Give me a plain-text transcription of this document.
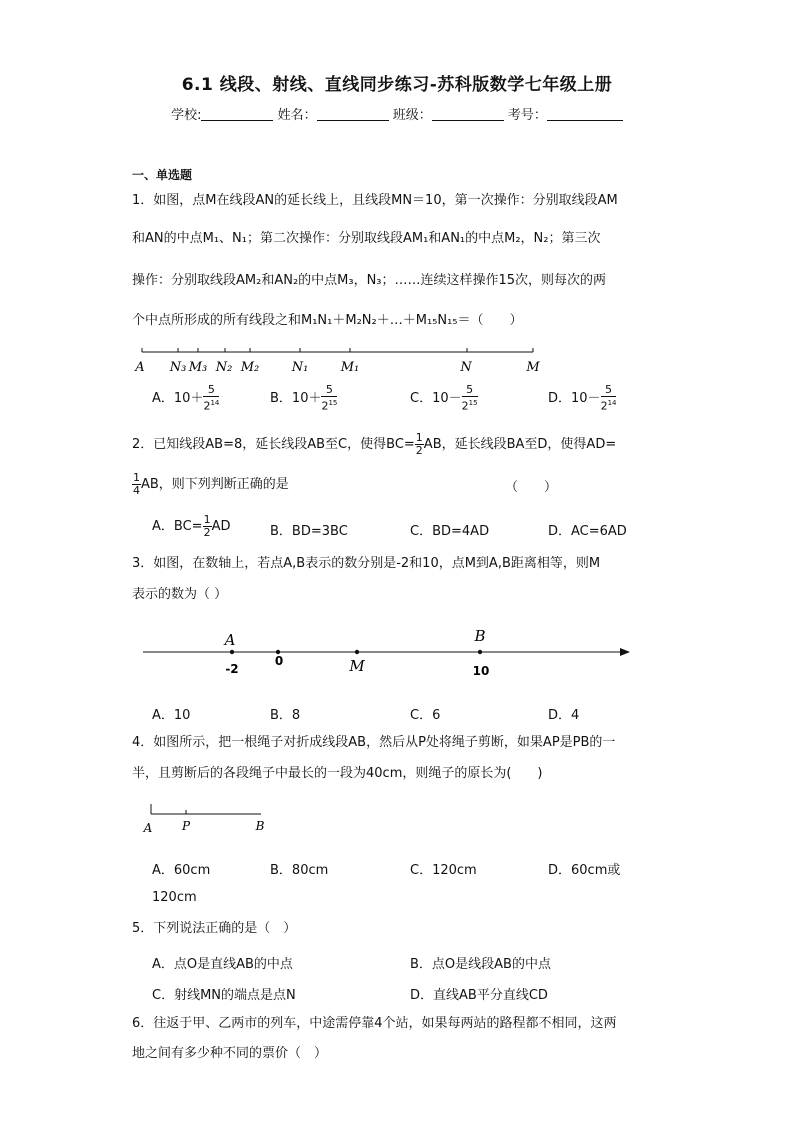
6.1 线段、射线、直线同步练习-苏科版数学七年级上册
学校:	姓名：	班级：	考号：
一、单选题
1．如图，点M在线段AN的延长线上，且线段MN＝10，第一次操作：分别取线段AM
和AN的中点M₁、N₁；第二次操作：分别取线段AM₁和AN₁的中点M₂，N₂；第三次
操作：分别取线段AM₂和AN₂的中点M₃，N₃；……连续这样操作15次，则每次的两
个中点所形成的所有线段之和M₁N₁＋M₂N₂＋…＋M₁₅N₁₅＝（　　）
A N₃ M₃ N₂ M₂ N₁ M₁	N	M
A．$10+ \frac{5}{2^{14}}$	B．$10+ \frac{5}{2^{15}}$	C．$10- \frac{5}{2^{15}}$	D．$10- \frac{5}{2^{14}}$
2．已知线段AB=8，延长线段AB至C，使得$BC= \frac{1}{2}$ AB，延长线段BA至D，使得AD=
$\frac{1}{4}$ AB，则下列判断正确的是	（　　）
A．$BC= \frac{1}{2}$ AD	B．BD=3BC	C．BD=4AD	D．AC=6AD
3．如图，在数轴上，若点A,B表示的数分别是-2和10，点M到A,B距离相等，则M
表示的数为（ ）
A	B
M
-2
0
10
A．10	B．8	C．6	D．4
4．如图所示，把一根绳子对折成线段AB，然后从P处将绳子剪断，如果AP是PB的一
半，且剪断后的各段绳子中最长的一段为40cm，则绳子的原长为(　　)
A P	B
A．60cm	B．80cm	C．120cm	D．60cm或
120cm
5．下列说法正确的是（　）
A．点O是直线AB的中点	B．点O是线段AB的中点
C．射线MN的端点是点N	D．直线AB平分直线CD
6．往返于甲、乙两市的列车，中途需停靠4个站，如果每两站的路程都不相同，这两
地之间有多少种不同的票价（　）
